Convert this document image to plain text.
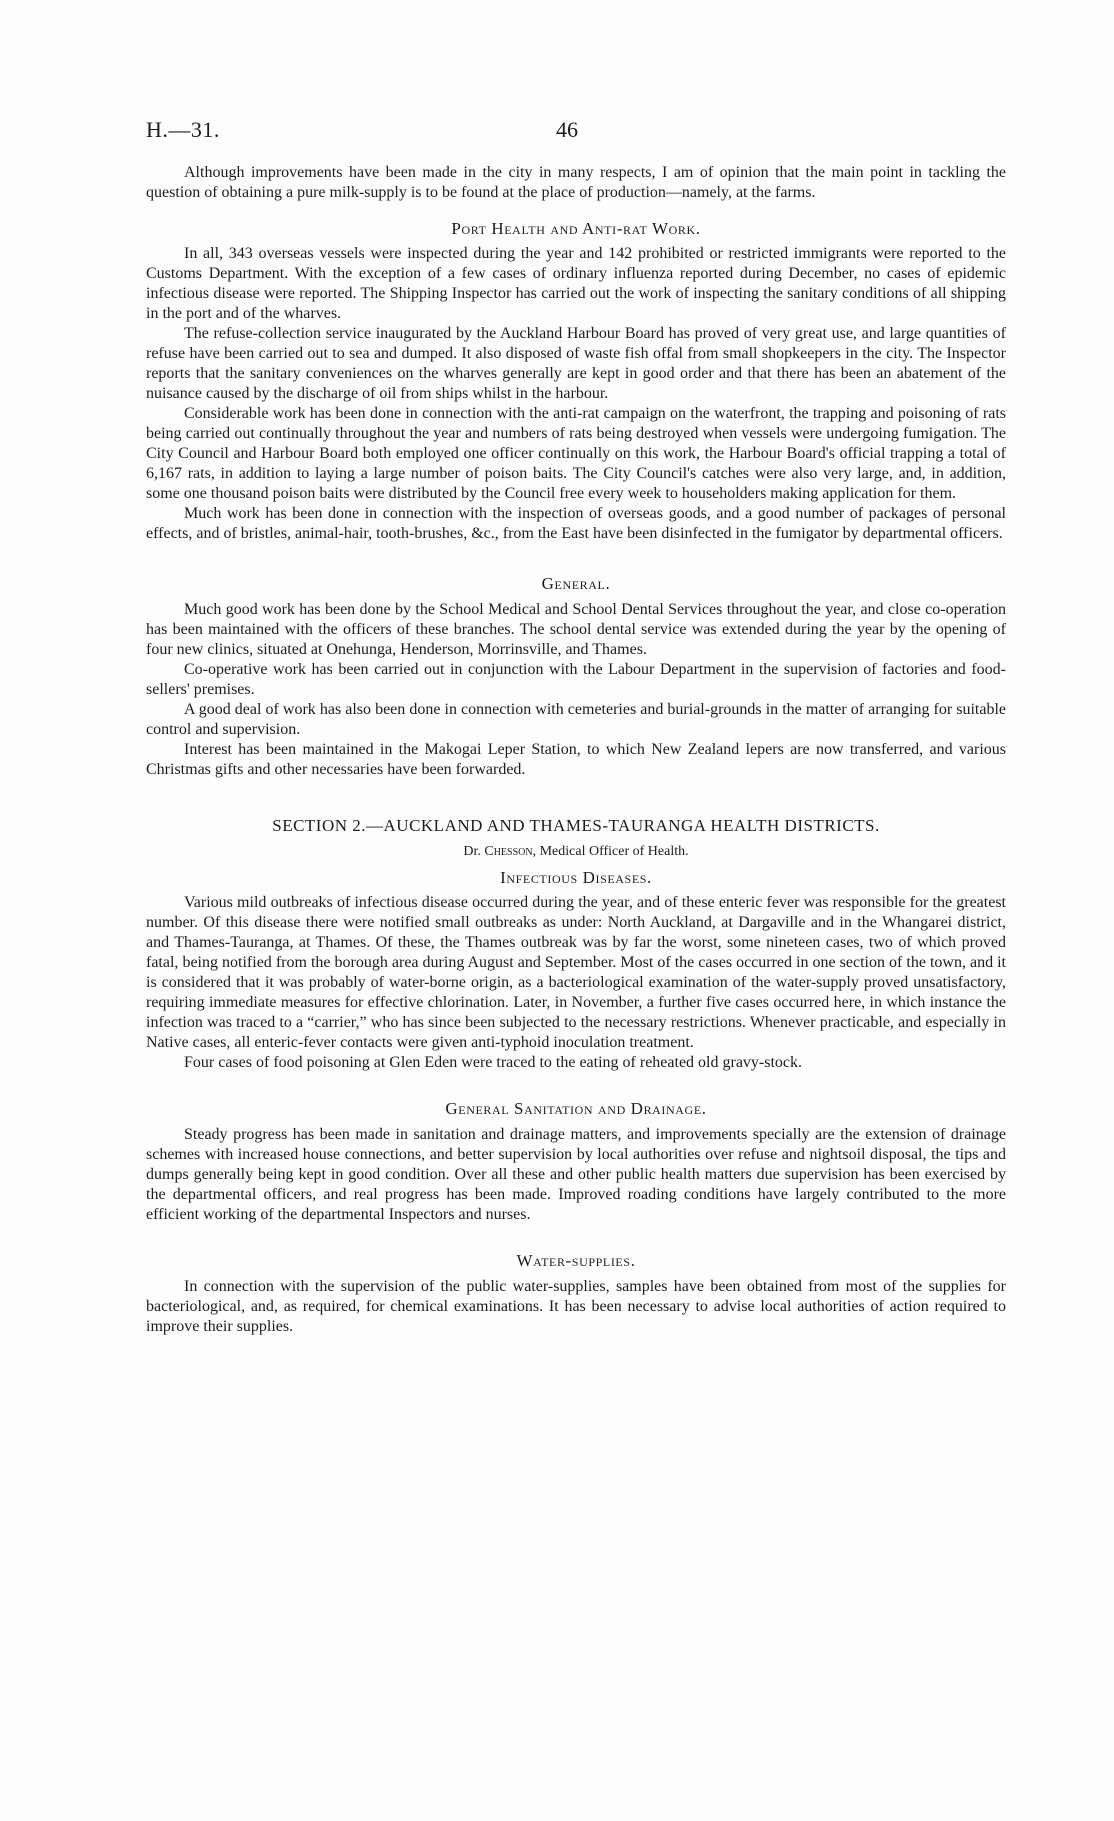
H.—31.	46

Although improvements have been made in the city in many respects, I am of opinion that the main point in tackling the question of obtaining a pure milk-supply is to be found at the place of production—namely, at the farms.

Port Health and Anti-rat Work.

In all, 343 overseas vessels were inspected during the year and 142 prohibited or restricted immigrants were reported to the Customs Department. With the exception of a few cases of ordinary influenza reported during December, no cases of epidemic infectious disease were reported. The Shipping Inspector has carried out the work of inspecting the sanitary conditions of all shipping in the port and of the wharves.

The refuse-collection service inaugurated by the Auckland Harbour Board has proved of very great use, and large quantities of refuse have been carried out to sea and dumped. It also disposed of waste fish offal from small shopkeepers in the city. The Inspector reports that the sanitary conveniences on the wharves generally are kept in good order and that there has been an abatement of the nuisance caused by the discharge of oil from ships whilst in the harbour.

Considerable work has been done in connection with the anti-rat campaign on the waterfront, the trapping and poisoning of rats being carried out continually throughout the year and numbers of rats being destroyed when vessels were undergoing fumigation. The City Council and Harbour Board both employed one officer continually on this work, the Harbour Board's official trapping a total of 6,167 rats, in addition to laying a large number of poison baits. The City Council's catches were also very large, and, in addition, some one thousand poison baits were distributed by the Council free every week to householders making application for them.

Much work has been done in connection with the inspection of overseas goods, and a good number of packages of personal effects, and of bristles, animal-hair, tooth-brushes, &c., from the East have been disinfected in the fumigator by departmental officers.

General.

Much good work has been done by the School Medical and School Dental Services throughout the year, and close co-operation has been maintained with the officers of these branches. The school dental service was extended during the year by the opening of four new clinics, situated at Onehunga, Henderson, Morrinsville, and Thames.

Co-operative work has been carried out in conjunction with the Labour Department in the supervision of factories and food-sellers' premises.

A good deal of work has also been done in connection with cemeteries and burial-grounds in the matter of arranging for suitable control and supervision.

Interest has been maintained in the Makogai Leper Station, to which New Zealand lepers are now transferred, and various Christmas gifts and other necessaries have been forwarded.

SECTION 2.—AUCKLAND AND THAMES-TAURANGA HEALTH DISTRICTS.
Dr. Chesson, Medical Officer of Health.
Infectious Diseases.

Various mild outbreaks of infectious disease occurred during the year, and of these enteric fever was responsible for the greatest number. Of this disease there were notified small outbreaks as under: North Auckland, at Dargaville and in the Whangarei district, and Thames-Tauranga, at Thames. Of these, the Thames outbreak was by far the worst, some nineteen cases, two of which proved fatal, being notified from the borough area during August and September. Most of the cases occurred in one section of the town, and it is considered that it was probably of water-borne origin, as a bacteriological examination of the water-supply proved unsatisfactory, requiring immediate measures for effective chlorination. Later, in November, a further five cases occurred here, in which instance the infection was traced to a “carrier,” who has since been subjected to the necessary restrictions. Whenever practicable, and especially in Native cases, all enteric-fever contacts were given anti-typhoid inoculation treatment.

Four cases of food poisoning at Glen Eden were traced to the eating of reheated old gravy-stock.

General Sanitation and Drainage.

Steady progress has been made in sanitation and drainage matters, and improvements specially are the extension of drainage schemes with increased house connections, and better supervision by local authorities over refuse and nightsoil disposal, the tips and dumps generally being kept in good condition. Over all these and other public health matters due supervision has been exercised by the departmental officers, and real progress has been made. Improved roading conditions have largely contributed to the more efficient working of the departmental Inspectors and nurses.

Water-supplies.

In connection with the supervision of the public water-supplies, samples have been obtained from most of the supplies for bacteriological, and, as required, for chemical examinations. It has been necessary to advise local authorities of action required to improve their supplies.
